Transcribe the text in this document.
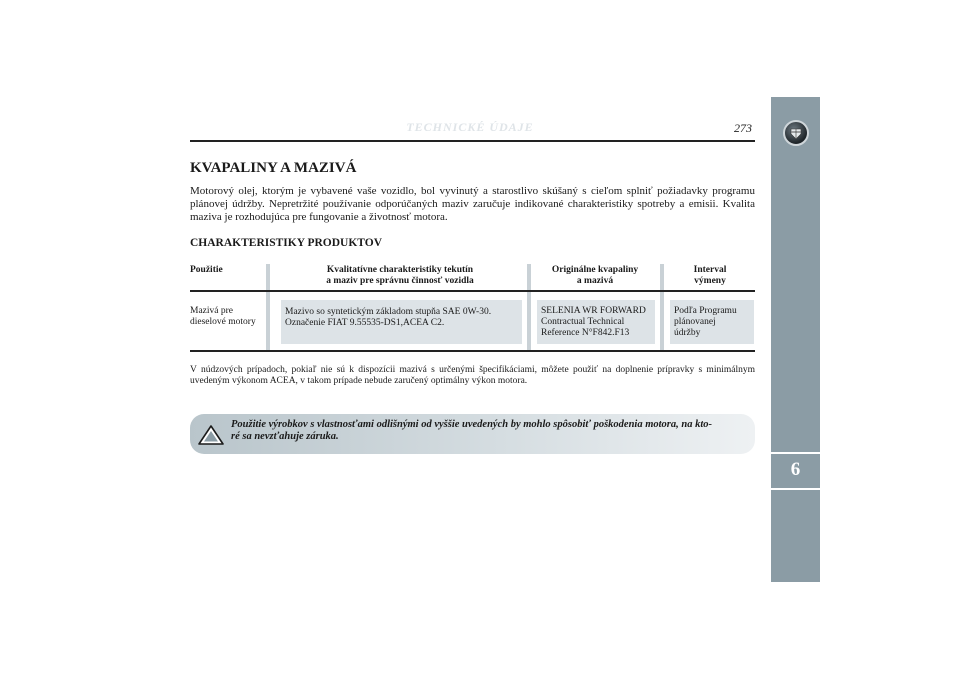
TECHNICKÉ ÚDAJE	273
6
KVAPALINY A MAZIVÁ
Motorový olej, ktorým je vybavené vaše vozidlo, bol vyvinutý a starostlivo skúšaný s cieľom splniť požiadavky programu plánovej údržby. Nepretržité používanie odporúčaných maziv zaručuje indikované charakteristiky spotreby a emisii. Kvalita maziva je rozhodujúca pre fungovanie a životnosť motora.
CHARAKTERISTIKY PRODUKTOV
Použitie	Kvalitatívne charakteristiky tekutín
a maziv pre správnu činnosť vozidla
Originálne kvapaliny
a mazivá
Interval
výmeny
Mazivá pre
dieselové motory
Mazivo so syntetickým základom stupňa SAE 0W-30.
Označenie FIAT 9.55535-DS1,ACEA C2.
SELENIA WR FORWARD
Contractual Technical
Reference N°F842.F13
Podľa Programu
plánovanej
údržby
V núdzových prípadoch, pokiaľ nie sú k dispozícii mazivá s určenými špecifikáciami, môžete použiť na doplnenie prípravky s minimálnym uvedeným výkonom ACEA, v takom prípade nebude zaručený optimálny výkon motora.
Použitie výrobkov s vlastnosťami odlišnými od vyššie uvedených by mohlo spôsobiť poškodenia motora, na kto-
ré sa nevzťahuje záruka.
